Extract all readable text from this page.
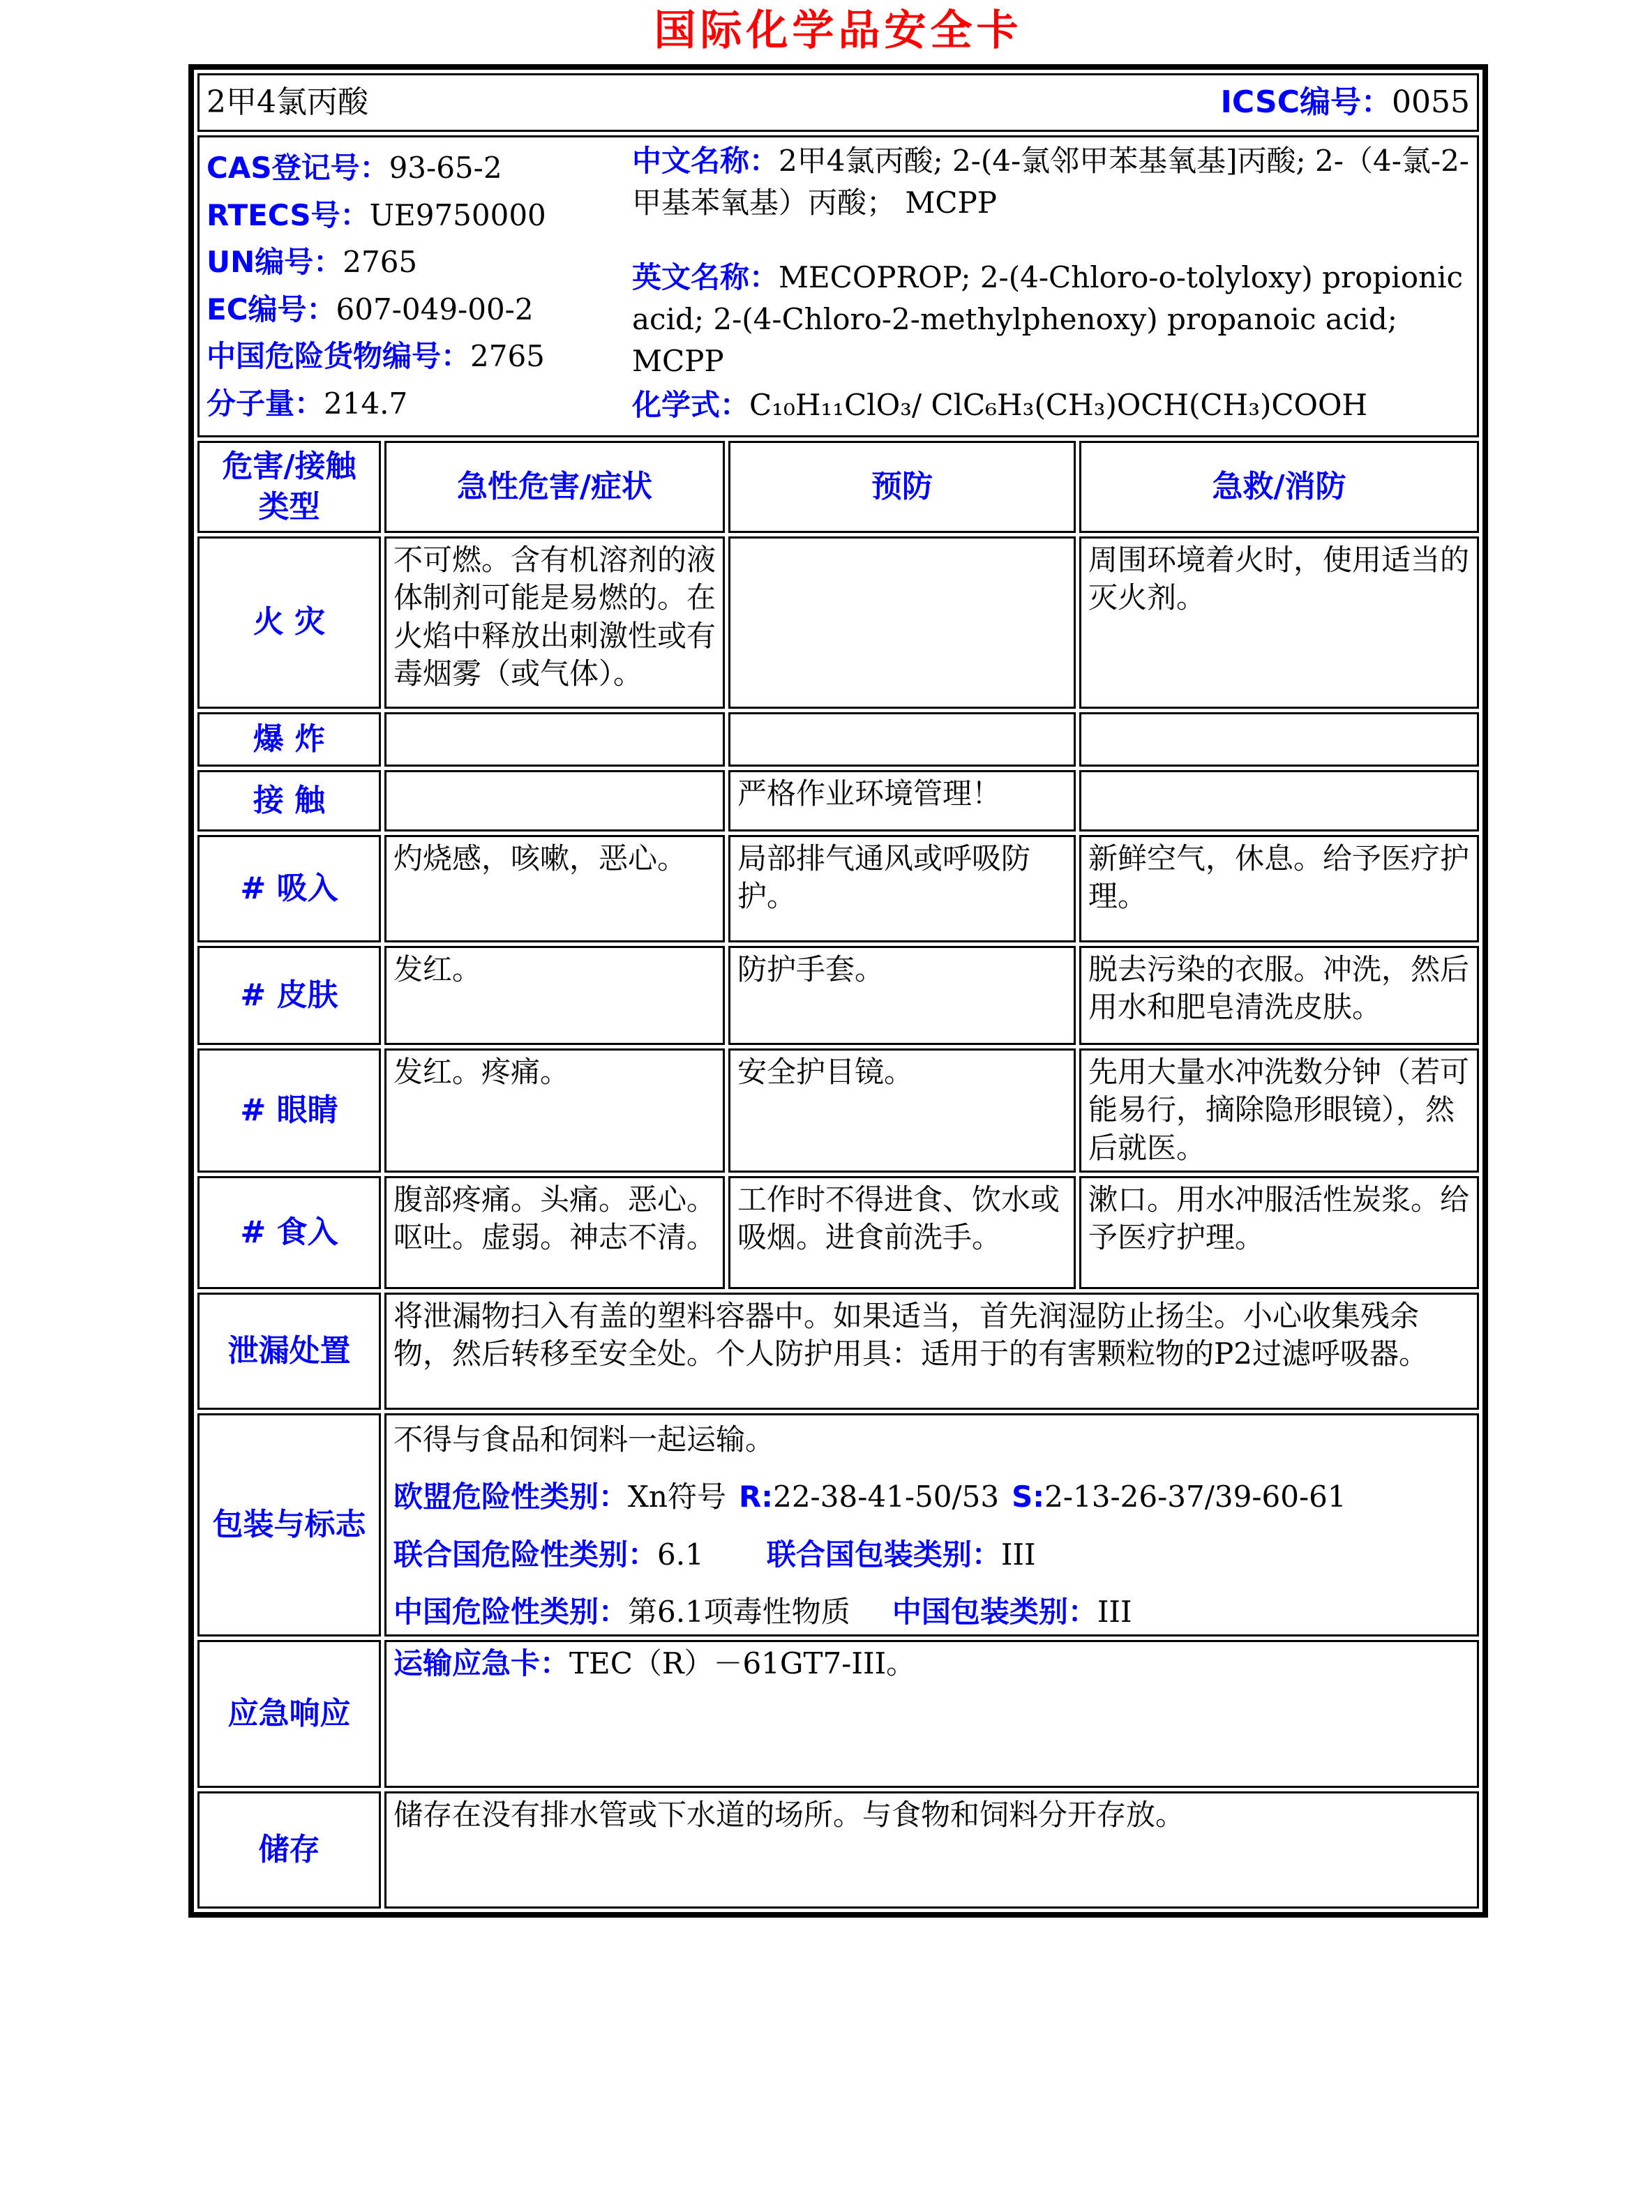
国际化学品安全卡
2甲4氯丙酸 ICSC编号：0055			

CAS登记号：93-65-2
RTECS号：UE9750000
UN编号：2765
EC编号：607-049-00-2
中国危险货物编号：2765
分子量：214.7
中文名称：2甲4氯丙酸; 2-(4-氯邻甲苯基氧基]丙酸; 2-（4-氯-2-甲基苯氧基）丙酸； MCPP
英文名称：MECOPROP; 2-(4-Chloro-o-tolyloxy) propionic acid; 2-(4-Chloro-2-methylphenoxy) propanoic acid; MCPP
化学式：C₁₀H₁₁ClO₃/ ClC₆H₃(CH₃)OCH(CH₃)COOH

危害/接触
类型	急性危害/症状	预防	急救/消防
火 灾	不可燃。含有机溶剂的液体制剂可能是易燃的。在火焰中释放出刺激性或有毒烟雾（或气体）。		周围环境着火时，使用适当的灭火剂。
爆 炸			
接 触		严格作业环境管理！	
# 吸入	灼烧感，咳嗽，恶心。	局部排气通风或呼吸防护。	新鲜空气，休息。给予医疗护理。
# 皮肤	发红。	防护手套。	脱去污染的衣服。冲洗，然后用水和肥皂清洗皮肤。
# 眼睛	发红。疼痛。	安全护目镜。	先用大量水冲洗数分钟（若可能易行，摘除隐形眼镜），然后就医。
# 食入	腹部疼痛。头痛。恶心。呕吐。虚弱。神志不清。	工作时不得进食、饮水或吸烟。进食前洗手。	漱口。用水冲服活性炭浆。给予医疗护理。
泄漏处置	将泄漏物扫入有盖的塑料容器中。如果适当，首先润湿防止扬尘。小心收集残余物，然后转移至安全处。个人防护用具：适用于的有害颗粒物的P2过滤呼吸器。		
包装与标志	不得与食品和饲料一起运输。
欧盟危险性类别：Xn符号 R:22-38-41-50/53 S:2-13-26-37/39-60-61
联合国危险性类别：6.1 联合国包装类别：III
中国危险性类别：第6.1项毒性物质 中国包装类别：III		

应急响应	运输应急卡：TEC（R）－61GT7-III。		
储存	储存在没有排水管或下水道的场所。与食物和饲料分开存放。		
